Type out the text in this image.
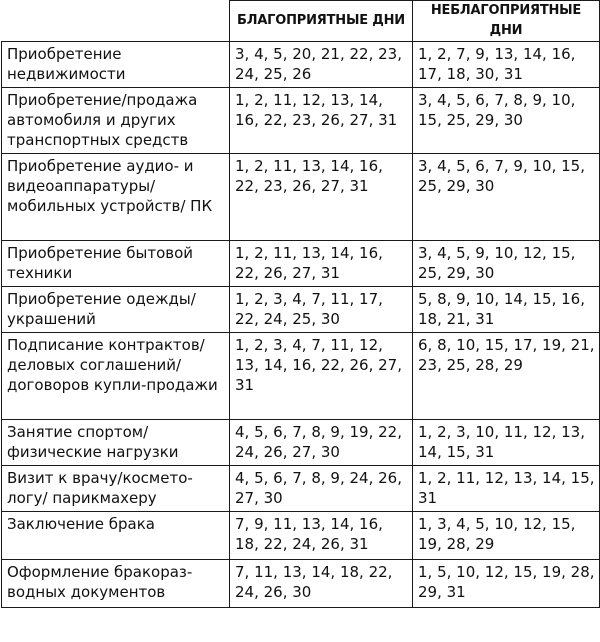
	БЛАГОПРИЯТНЫЕ ДНИ	НЕБЛАГОПРИЯТНЫЕ ДНИ
Приобретение недвижимости	3, 4, 5, 20, 21, 22, 23, 24, 25, 26	1, 2, 7, 9, 13, 14, 16, 17, 18, 30, 31
Приобретение/продажа автомобиля и других транспортных средств	1, 2, 11, 12, 13, 14, 16, 22, 23, 26, 27, 31	3, 4, 5, 6, 7, 8, 9, 10, 15, 25, 29, 30
Приобретение аудио- и видеоаппаратуры/ мобильных устройств/ ПК	1, 2, 11, 13, 14, 16, 22, 23, 26, 27, 31	3, 4, 5, 6, 7, 9, 10, 15, 25, 29, 30
Приобретение бытовой техники	1, 2, 11, 13, 14, 16, 22, 26, 27, 31	3, 4, 5, 9, 10, 12, 15, 25, 29, 30
Приобретение одежды/ украшений	1, 2, 3, 4, 7, 11, 17, 22, 24, 25, 30	5, 8, 9, 10, 14, 15, 16, 18, 21, 31
Подписание контрактов/ деловых соглашений/ договоров купли-продажи	1, 2, 3, 4, 7, 11, 12, 13, 14, 16, 22, 26, 27, 31	6, 8, 10, 15, 17, 19, 21, 23, 25, 28, 29
Занятие спортом/ физические нагрузки	4, 5, 6, 7, 8, 9, 19, 22, 24, 26, 27, 30	1, 2, 3, 10, 11, 12, 13, 14, 15, 31
Визит к врачу/космето-логу/ парикмахеру	4, 5, 6, 7, 8, 9, 24, 26, 27, 30	1, 2, 11, 12, 13, 14, 15, 31
Заключение брака	7, 9, 11, 13, 14, 16, 18, 22, 24, 26, 31	1, 3, 4, 5, 10, 12, 15, 19, 28, 29
Оформление бракораз-водных документов	7, 11, 13, 14, 18, 22, 24, 26, 30	1, 5, 10, 12, 15, 19, 28, 29, 31
